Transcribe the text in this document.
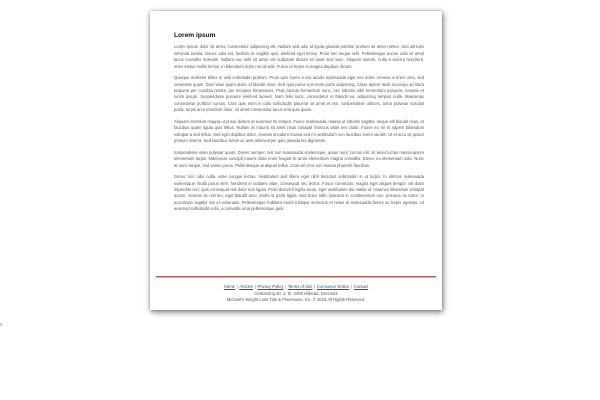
Lorem ipsum

Lorem ipsum dolor sit amet, consectetur adipiscing elit. Nullam sed odio id ligula gravida porttitor pretium sit amet metus. Sed ultricies vehicula lacinia. Donec odio est, facilisis ac sagittis quis, eleifend eget lectus. Proin nec neque velit. Pellentesque auctor odio sit amet lacus convallis molestie. Nullam nec velit sit amet nisi vulputate dictum sit amet sed nunc. Aliquam laoreet, nulla a viverra hendrerit, enim metus mollis lectus, in bibendum dolor nisi id velit. Fusce id lectus in magna dapibus dictum.

Quisque molestie tellus in velit sollicitudin pretium. Proin quis lorem a nisi iaculis malesuada eget nec dolor. Aenean a enim urna, sed venenatis quam. Duis vitae quam diam, id blandit risus. Sed quis purus non enim porta adipiscing. Class aptent taciti sociosqu ad litora torquent per conubia nostra, per inceptos himenaeos. Proin lacinia fermentum nunc, nec lobortis nibh fermentum posuere. Aenean et lorem ipsum. Suspendisse posuere eleifend laoreet. Nam felis nunc, consectetur et blandit eu, adipiscing tempus nulla. Maecenas consectetur porttitor cursus. Cras quis enim in odio sollicitudin placerat sit amet et nisi. Suspendisse ultrices, tortor pulvinar suscipit porta, turpis arcu interdum dolor, sit amet consectetur lacus erat quis quam.

Aliquam interdum magna ut purus dictum at euismod mi tempor. Fusce malesuada, massa ut lobortis sagittis, neque elit blandit risus, et faucibus quam ligula quis tellus. Nullam at mauris sit amet risus volutpat rhoncus vitae nec dolor. Fusce eu mi et sapien bibendum volutpat a sed tellus. Sed eget dapibus dolor. Aenean tincidunt massa sed mi vestibulum non faucibus lorem iaculis. Ut et arcu ac ipsum pretium viverra. Sed faucibus lorem ac ante ullamcorper quis gravida leo dignissim.

Suspendisse vitae pulvinar quam. Donec semper, nisi non malesuada scelerisque, quam nunc cursus elit, sit amet luctus massa ipsum elementum turpis. Maecenas suscipit mauris vitae enim feugiat sit amet elementum magna convallis. Donec eu elementum odio. Nunc at nunc neque, sed varius purus. Pellentesque at aliquet tellus. Cras vel eros non massa pharetra faucibus.

Donec nec odio nulla, vitae congue lectus. Vestibulum sed libero eget nibh tincidunt sollicitudin in ut turpis. In ultrices malesuada scelerisque. Nulla purus sem, hendrerit in sodales vitae, consequat nec lectus. Fusce commodo, magna eget aliquet tempor, elit diam imperdiet orci, quis consequat nisl dolor non ligula. Proin dictum fringilla lacus, eget vestibulum dui mattis id. Vivamus bibendum volutpat auctor. Aenean ac nisl leo, eget blandit arcu. Morbi id porta ligula. Sed dolor nibh, placerat in condimentum non, posuere ac tortor. In accumsan sagittis nisi et venenatis. Pellentesque habitant morbi tristique senectus et netus et malesuada fames ac turpis egestas. Ut euismod sollicitudin odio, a convallis urna pellentesque quis.

Home | Articles | Privacy Policy | Terms of Use | Consumer Notice | Contact
Ceskinning 40, 3. th. 3400 Hillerød, Denmark
Michael's Weight Loss Tips & PineHouse, Inc. © 2018 All Rights Reserved.
c
